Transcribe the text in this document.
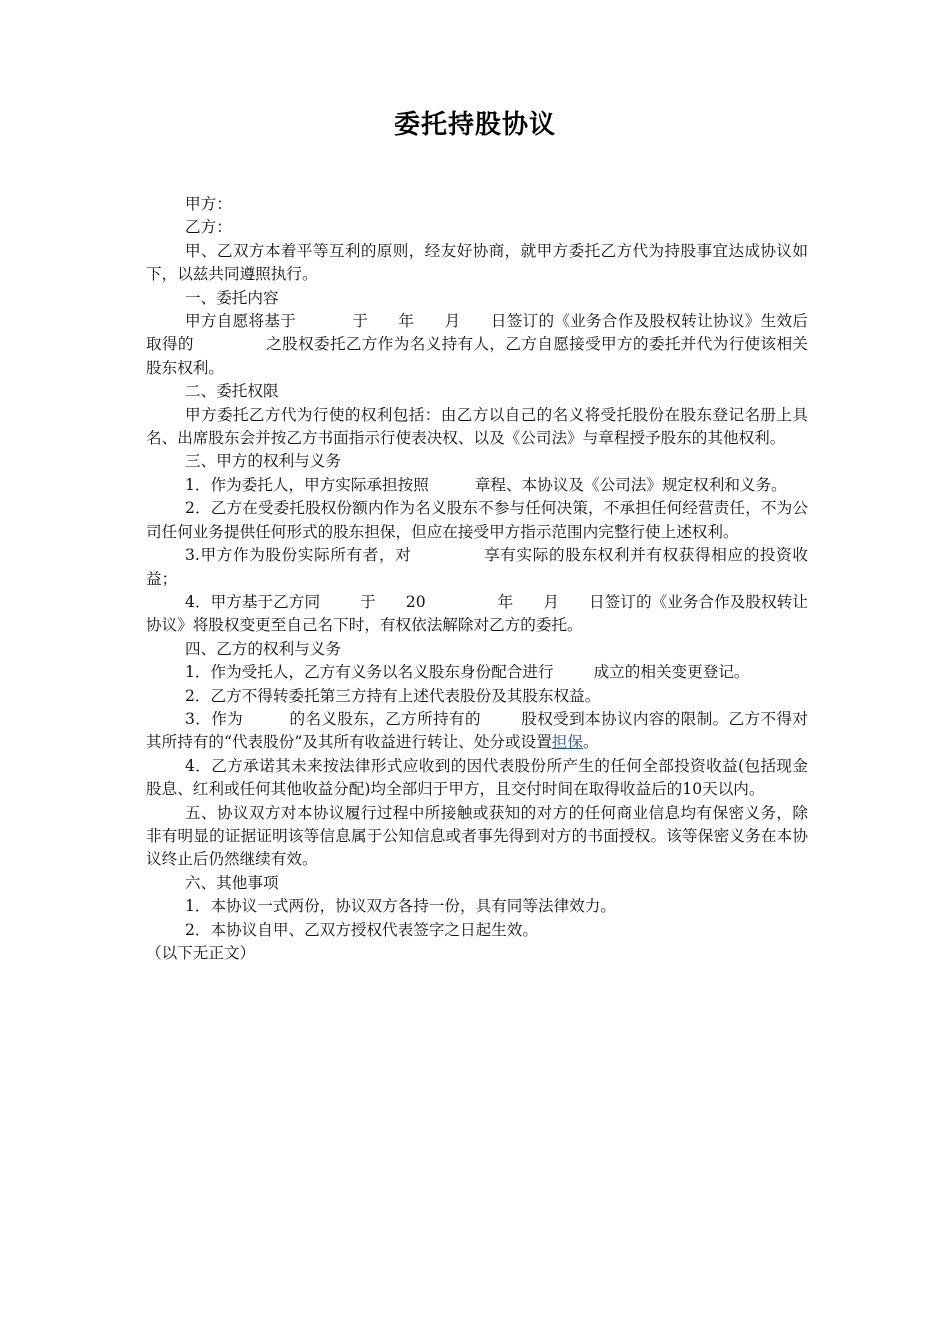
委托持股协议

甲方：

乙方：

甲、乙双方本着平等互利的原则，经友好协商，就甲方委托乙方代为持股事宜达成协议如下，以兹共同遵照执行。

一、委托内容

甲方自愿将基于	于 年 月 日签订的《业务合作及股权转让协议》生效后取得的	之股权委托乙方作为名义持有人，乙方自愿接受甲方的委托并代为行使该相关股东权利。

二、委托权限

甲方委托乙方代为行使的权利包括：由乙方以自己的名义将受托股份在股东登记名册上具名、出席股东会并按乙方书面指示行使表决权、以及《公司法》与章程授予股东的其他权利。

三、甲方的权利与义务

1．作为委托人，甲方实际承担按照	章程、本协议及《公司法》规定权利和义务。

2．乙方在受委托股权份额内作为名义股东不参与任何决策，不承担任何经营责任，不为公司任何业务提供任何形式的股东担保，但应在接受甲方指示范围内完整行使上述权利。

3.甲方作为股份实际所有者，对	享有实际的股东权利并有权获得相应的投资收益；

4．甲方基于乙方同	于 20	年 月 日签订的《业务合作及股权转让协议》将股权变更至自己名下时，有权依法解除对乙方的委托。

四、乙方的权利与义务

1．作为受托人，乙方有义务以名义股东身份配合进行	成立的相关变更登记。

2．乙方不得转委托第三方持有上述代表股份及其股东权益。

3．作为	的名义股东，乙方所持有的	股权受到本协议内容的限制。乙方不得对其所持有的“代表股份”及其所有收益进行转让、处分或设置担保。

4．乙方承诺其未来按法律形式应收到的因代表股份所产生的任何全部投资收益(包括现金股息、红利或任何其他收益分配)均全部归于甲方，且交付时间在取得收益后的10天以内。

五、协议双方对本协议履行过程中所接触或获知的对方的任何商业信息均有保密义务，除非有明显的证据证明该等信息属于公知信息或者事先得到对方的书面授权。该等保密义务在本协议终止后仍然继续有效。

六、其他事项

1．本协议一式两份，协议双方各持一份，具有同等法律效力。

2．本协议自甲、乙双方授权代表签字之日起生效。

（以下无正文）
